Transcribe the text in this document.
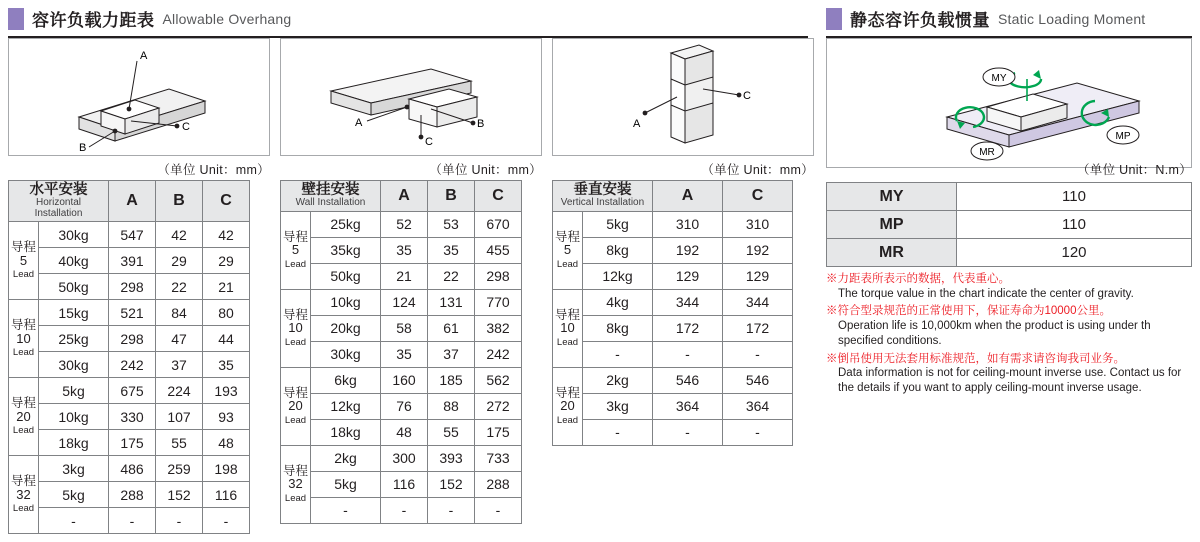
容许负载力距表 Allowable Overhang	静态容许负载惯量 Static Loading Moment
A
C
B
A	B
C
C
A
MY
MP
MR
（单位 Unit：mm）	（单位 Unit：mm）	（单位 Unit：mm）	（单位 Unit：N.m）
水平安装
Horizontal Installation		A	B	C
导程
5
Lead	30kg	547	42	42
	40kg	391	29	29
	50kg	298	22	21
导程
10
Lead	15kg	521	84	80
	25kg	298	47	44
	30kg	242	37	35
导程
20
Lead	5kg	675	224	193
	10kg	330	107	93
	18kg	175	55	48
导程
32
Lead	3kg	486	259	198
	5kg	288	152	116
	-	-	-	-
壁挂安装
Wall Installation		A	B	C
导程
5
Lead	25kg	52	53	670
	35kg	35	35	455
	50kg	21	22	298
导程
10
Lead	10kg	124	131	770
	20kg	58	61	382
	30kg	35	37	242
导程
20
Lead	6kg	160	185	562
	12kg	76	88	272
	18kg	48	55	175
导程
32
Lead	2kg	300	393	733
	5kg	116	152	288
	-	-	-	-
垂直安装
Vertical Installation		A	C
导程
5
Lead	5kg	310	310
	8kg	192	192
	12kg	129	129
导程
10
Lead	4kg	344	344
	8kg	172	172
	-	-	-
导程
20
Lead	2kg	546	546
	3kg	364	364
	-	-	-
MY	110
MP	110
MR	120
※力距表所表示的数据，代表重心。
The torque value in the chart indicate the center of gravity.
※符合型录规范的正常使用下，保证寿命为10000公里。
Operation life is 10,000km when the product is using under th specified conditions.
※倒吊使用无法套用标准规范，如有需求请咨询我司业务。
Data information is not for ceiling-mount inverse use. Contact us for the details if you want to apply ceiling-mount inverse usage.
